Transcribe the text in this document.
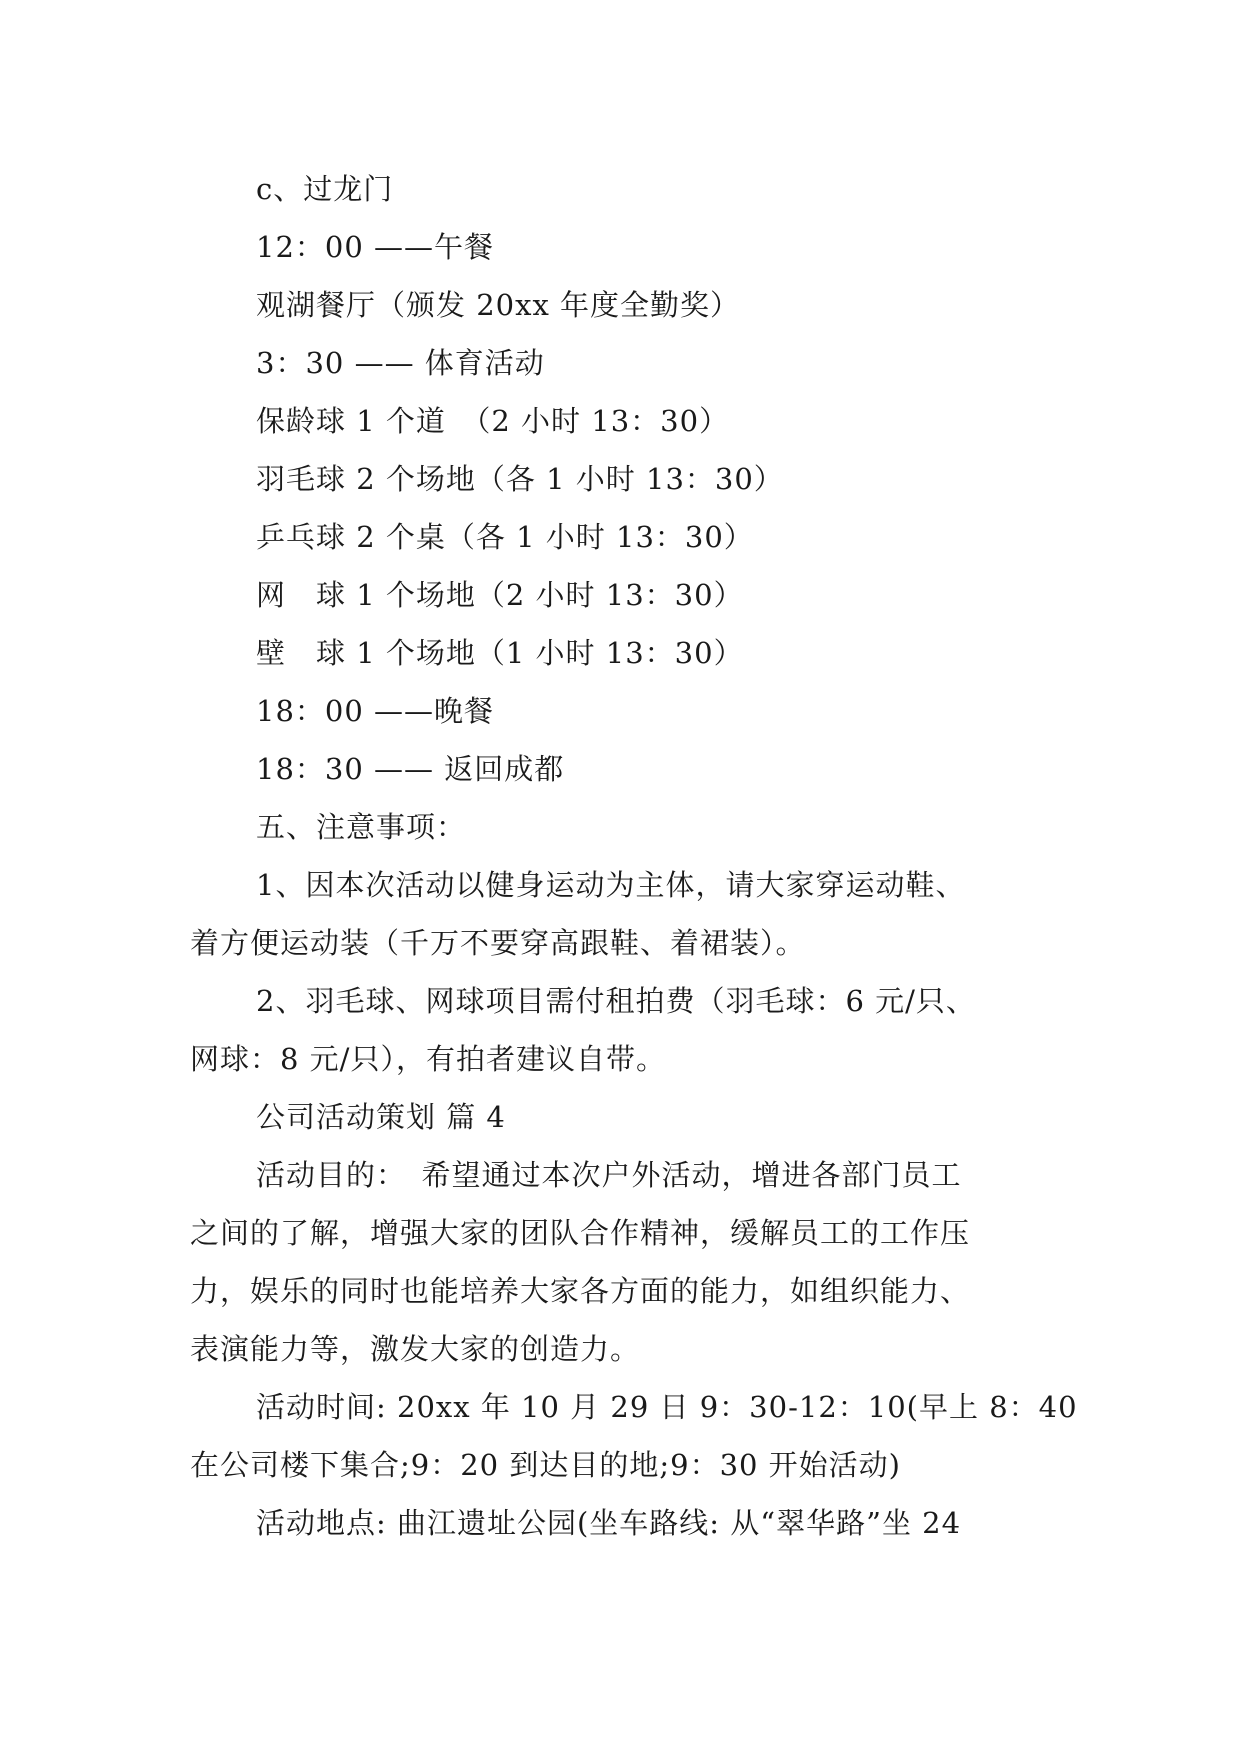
c、过龙门
12：00 ——午餐
观湖餐厅（颁发 20xx 年度全勤奖）
3：30 —— 体育活动
保龄球 1 个道　（2 小时 13：30）
羽毛球 2 个场地（各 1 小时 13：30）
乒乓球 2 个桌（各 1 小时 13：30）
网　球 1 个场地（2 小时 13：30）
壁　球 1 个场地（1 小时 13：30）
18：00 ——晚餐
18：30 —— 返回成都
五、注意事项：
1、因本次活动以健身运动为主体，请大家穿运动鞋、
着方便运动装（千万不要穿高跟鞋、着裙装）。
2、羽毛球、网球项目需付租拍费（羽毛球：6 元/只、
网球：8 元/只），有拍者建议自带。
公司活动策划 篇 4
活动目的：　希望通过本次户外活动，增进各部门员工
之间的了解，增强大家的团队合作精神，缓解员工的工作压
力，娱乐的同时也能培养大家各方面的能力，如组织能力、
表演能力等，激发大家的创造力。
活动时间: 20xx 年 10 月 29 日 9：30-12：10(早上 8：40
在公司楼下集合;9：20 到达目的地;9：30 开始活动)
活动地点: 曲江遗址公园(坐车路线: 从“翠华路”坐 24
